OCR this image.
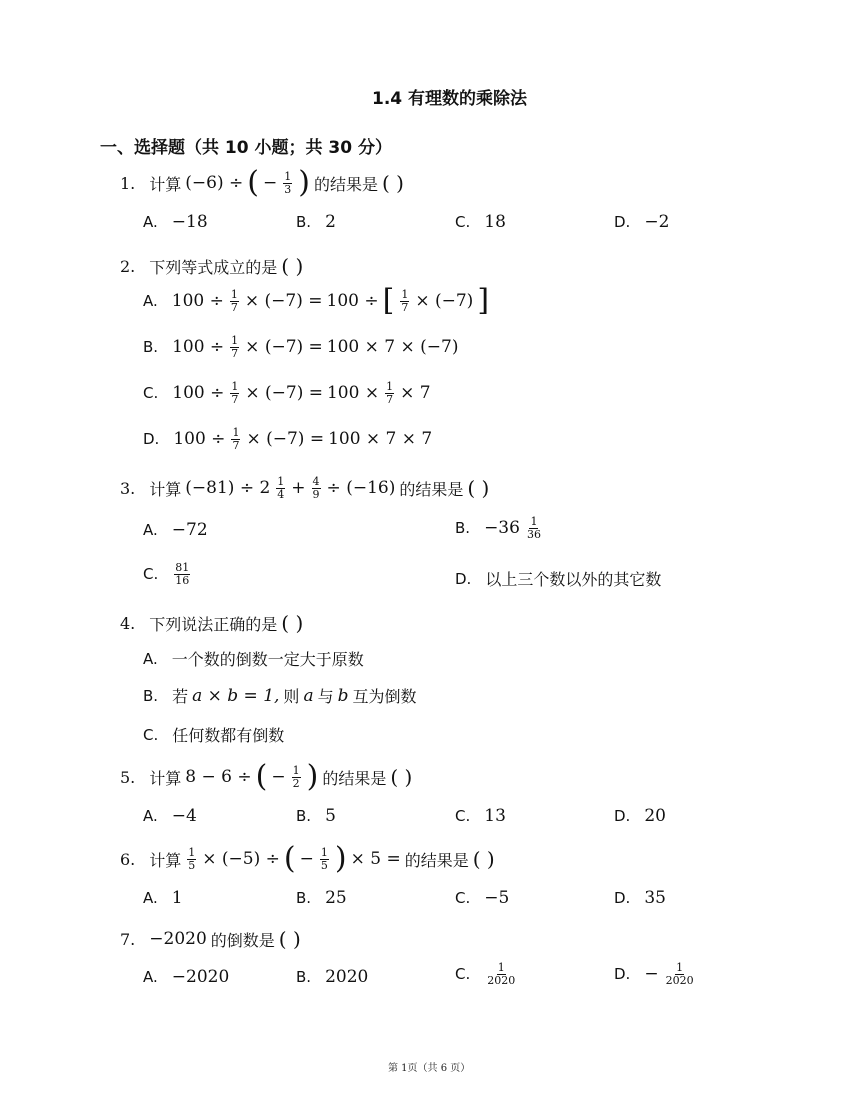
1.4 有理数的乘除法
一、选择题（共 10 小题；共 30 分）
1. 计算 (−6) ÷ ( − $\frac{1}{3}$ ) 的结果是 ( )
A. −18	B. 2	C. 18	D. −2
2. 下列等式成立的是 ( )
A. $100 \div \frac{1}{7} \times (-7) = 100$ ÷ [ $\frac{1}{7} \times (-7)$ ]
B. $100 \div \frac{1}{7} \times (-7) = 100 \times 7 \times (-7)$
C. $100 \div \frac{1}{7} \times (-7) = 100 \times \frac{1}{7} \times 7$
D. $100 \div \frac{1}{7} \times (-7) = 100 \times 7 \times 7$
3. 计算 $(-81) \div 2 \frac{1}{4} + \frac{4}{9} \div (-16)$ 的结果是 ( )
A. −72	B. $-36 \frac{1}{36}$
C. $\frac{81}{16}$	D. 以上三个数以外的其它数
4. 下列说法正确的是 ( )
A. 一个数的倒数一定大于原数
B. 若 a × b = 1, 则 a 与 b 互为倒数
C. 任何数都有倒数
5. 计算 8 − 6 ÷ ( − $\frac{1}{2}$ ) 的结果是 ( )
A. −4	B. 5	C. 13	D. 20
6. 计算 $\frac{1}{5} \times (-5)$ ÷ ( − $\frac{1}{5}$ ) × 5 = 的结果是 ( )
A. 1	B. 25	C. −5	D. 35
7. −2020 的倒数是 ( )
A. −2020	B. 2020	C. $\frac{1}{2020}$	D. − $\frac{1}{2020}$
第 1页（共 6 页）
